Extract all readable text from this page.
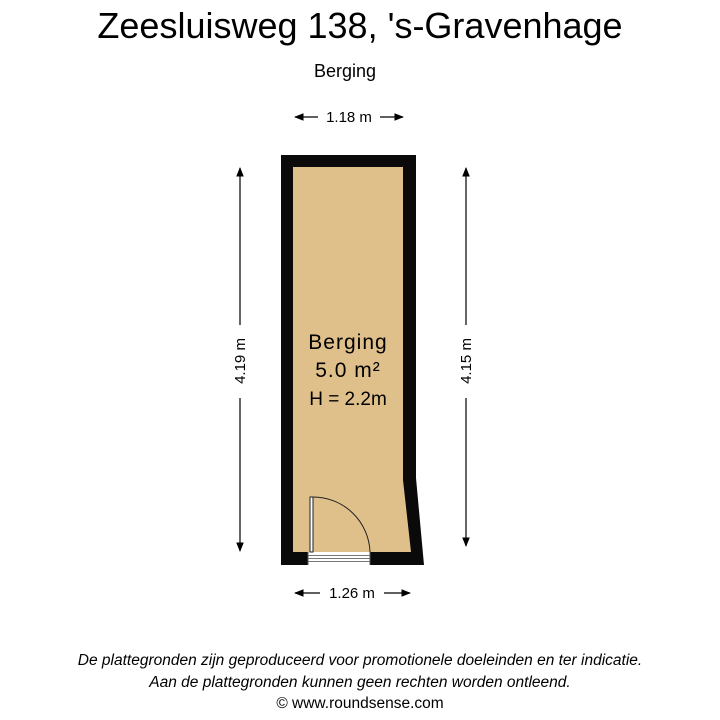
Zeesluisweg 138, 's-Gravenhage
Berging
1.18 m
1.26 m
4.19 m	4.15 m
Berging
5.0 m²
H = 2.2m
De plattegronden zijn geproduceerd voor promotionele doeleinden en ter indicatie.
Aan de plattegronden kunnen geen rechten worden ontleend.
© www.roundsense.com
